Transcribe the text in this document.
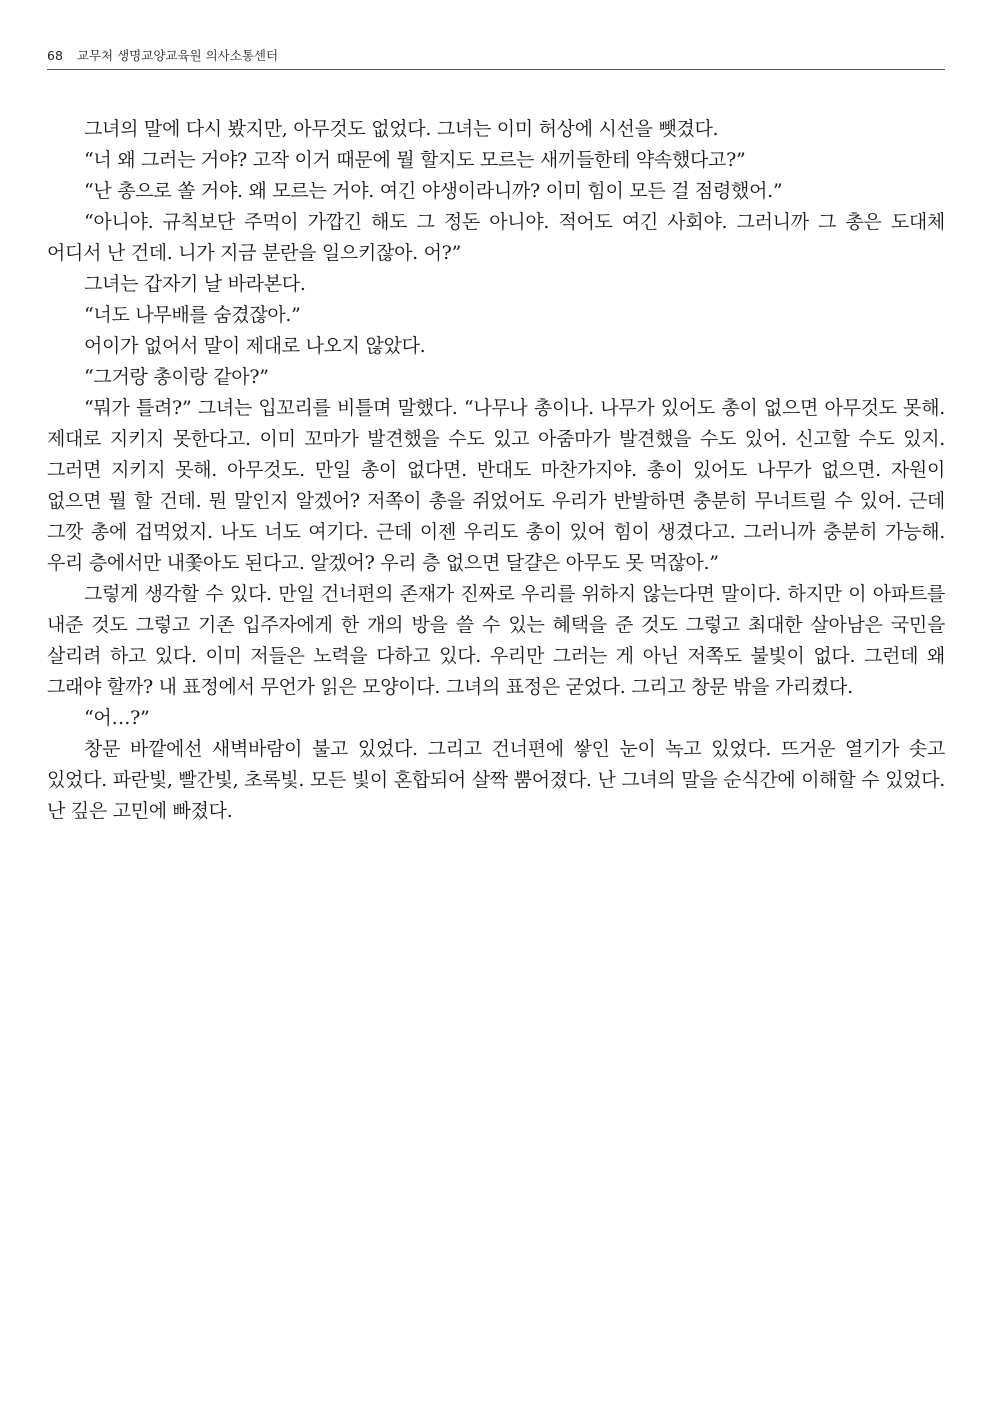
68 교무처 생명교양교육원 의사소통센터

그녀의 말에 다시 봤지만, 아무것도 없었다. 그녀는 이미 허상에 시선을 뺏겼다.

“너 왜 그러는 거야? 고작 이거 때문에 뭘 할지도 모르는 새끼들한테 약속했다고?”

“난 총으로 쏠 거야. 왜 모르는 거야. 여긴 야생이라니까? 이미 힘이 모든 걸 점령했어.”

“아니야. 규칙보단 주먹이 가깝긴 해도 그 정돈 아니야. 적어도 여긴 사회야. 그러니까 그 총은 도대체 어디서 난 건데. 니가 지금 분란을 일으키잖아. 어?”

그녀는 갑자기 날 바라본다.

“너도 나무배를 숨겼잖아.”

어이가 없어서 말이 제대로 나오지 않았다.

“그거랑 총이랑 같아?”

“뭐가 틀려?” 그녀는 입꼬리를 비틀며 말했다. “나무나 총이나. 나무가 있어도 총이 없으면 아무것도 못해. 제대로 지키지 못한다고. 이미 꼬마가 발견했을 수도 있고 아줌마가 발견했을 수도 있어. 신고할 수도 있지. 그러면 지키지 못해. 아무것도. 만일 총이 없다면. 반대도 마찬가지야. 총이 있어도 나무가 없으면. 자원이 없으면 뭘 할 건데. 뭔 말인지 알겠어? 저쪽이 총을 쥐었어도 우리가 반발하면 충분히 무너트릴 수 있어. 근데 그깟 총에 겁먹었지. 나도 너도 여기다. 근데 이젠 우리도 총이 있어 힘이 생겼다고. 그러니까 충분히 가능해. 우리 층에서만 내쫓아도 된다고. 알겠어? 우리 층 없으면 달걀은 아무도 못 먹잖아.”

그렇게 생각할 수 있다. 만일 건너편의 존재가 진짜로 우리를 위하지 않는다면 말이다. 하지만 이 아파트를 내준 것도 그렇고 기존 입주자에게 한 개의 방을 쓸 수 있는 혜택을 준 것도 그렇고 최대한 살아남은 국민을 살리려 하고 있다. 이미 저들은 노력을 다하고 있다. 우리만 그러는 게 아닌 저쪽도 불빛이 없다. 그런데 왜 그래야 할까? 내 표정에서 무언가 읽은 모양이다. 그녀의 표정은 굳었다. 그리고 창문 밖을 가리켰다.

“어…?”

창문 바깥에선 새벽바람이 불고 있었다. 그리고 건너편에 쌓인 눈이 녹고 있었다. 뜨거운 열기가 솟고 있었다. 파란빛, 빨간빛, 초록빛. 모든 빛이 혼합되어 살짝 뿜어졌다. 난 그녀의 말을 순식간에 이해할 수 있었다. 난 깊은 고민에 빠졌다.
